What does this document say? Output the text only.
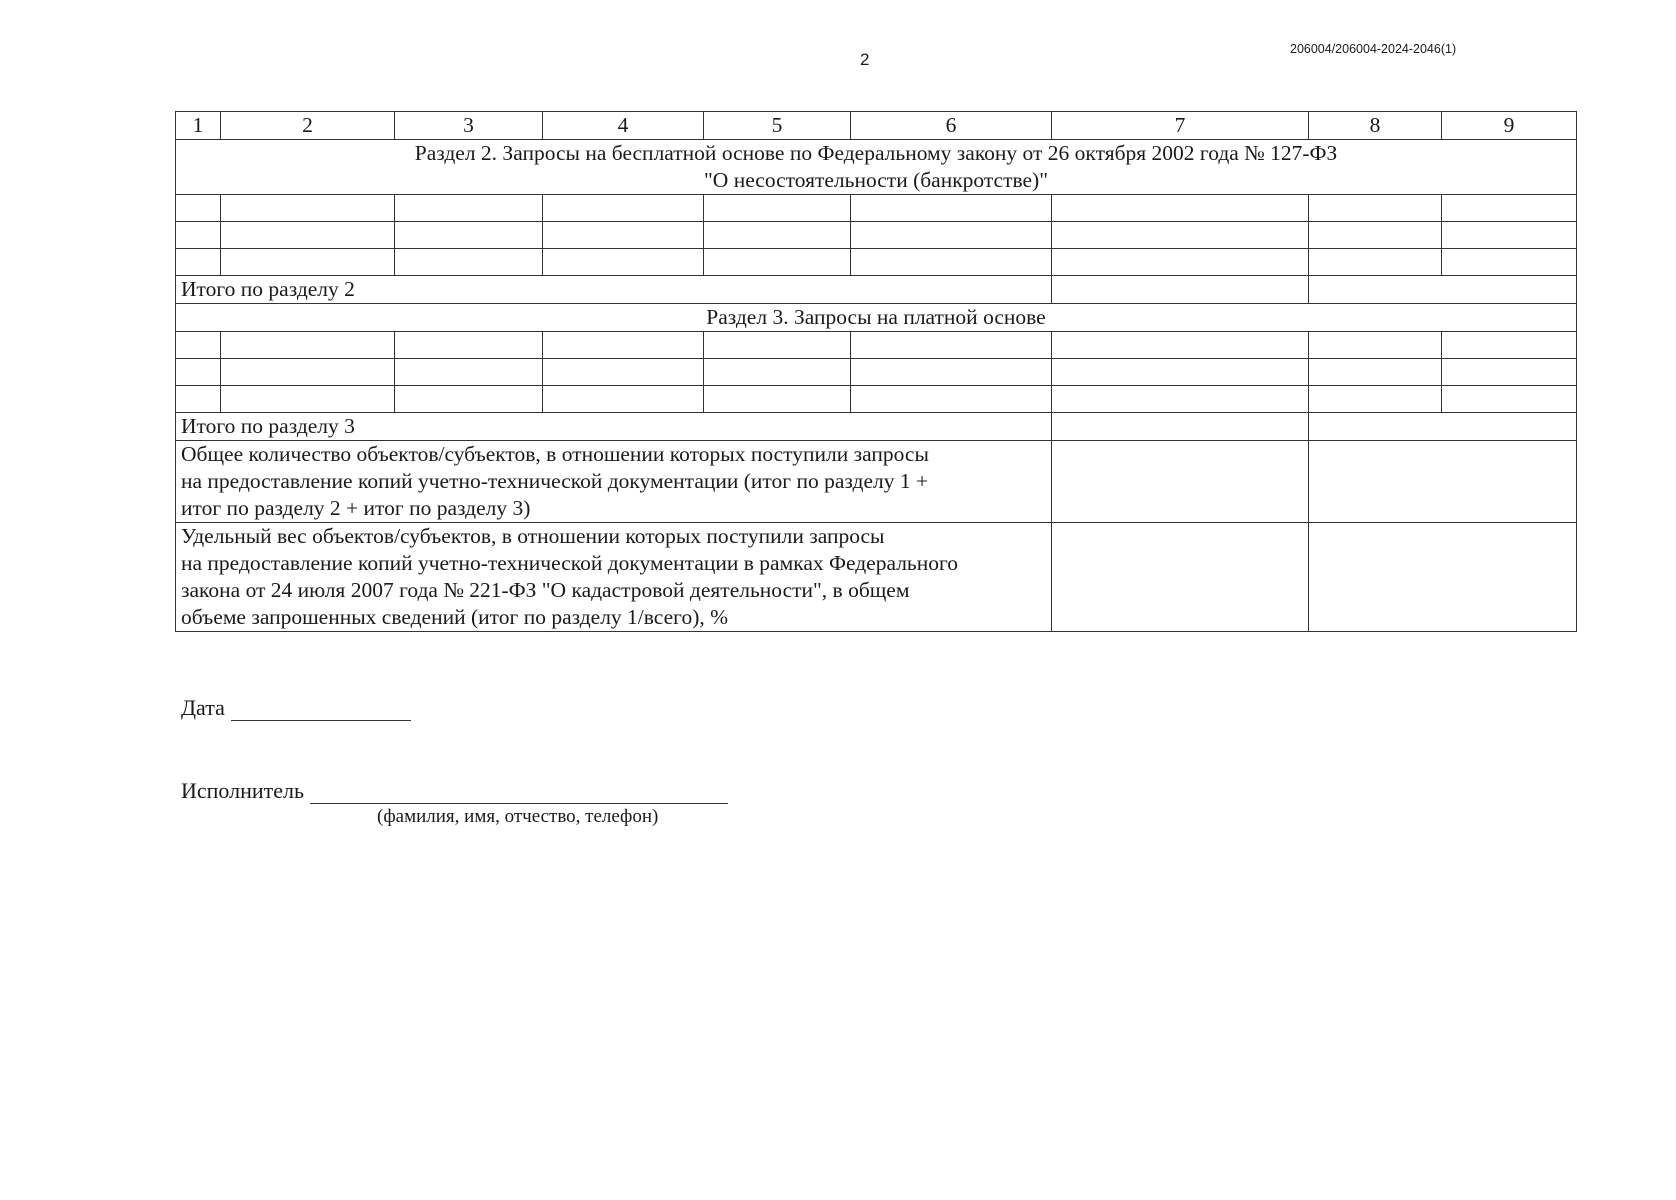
2
206004/206004-2024-2046(1)
1	2	3	4	5	6	7	8	9

Раздел 2. Запросы на бесплатной основе по Федеральному закону от 26 октября 2002 года № 127-ФЗ
"О несостоятельности (банкротстве)"								

Итого по разделу 2								
Раздел 3. Запросы на платной основе								

Итого по разделу 3								

Общее количество объектов/субъектов, в отношении которых поступили запросы
на предоставление копий учетно-технической документации (итог по разделу 1 +
итог по разделу 2 + итог по разделу 3)								

Удельный вес объектов/субъектов, в отношении которых поступили запросы
на предоставление копий учетно-технической документации в рамках Федерального
закона от 24 июля 2007 года № 221-ФЗ "О кадастровой деятельности", в общем
объеме запрошенных сведений (итог по разделу 1/всего), %								

Дата
Исполнитель
(фамилия, имя, отчество, телефон)
